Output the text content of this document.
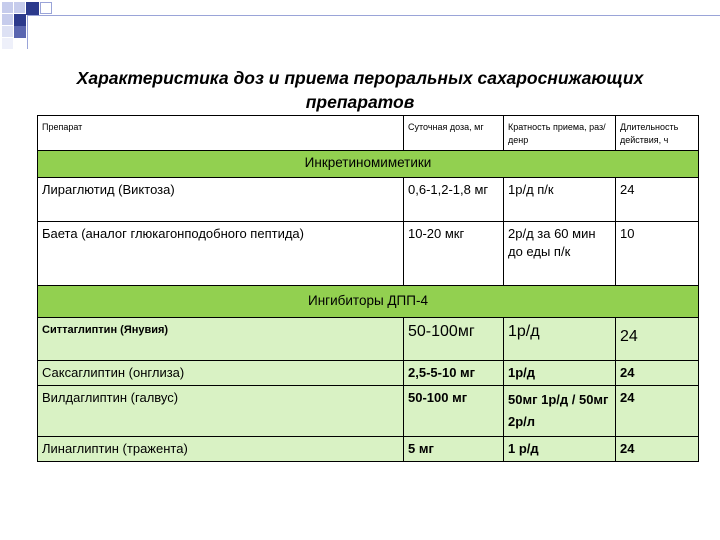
Характеристика доз и приема пероральных сахароснижающих препаратов
Препарат	Суточная доза, мг	Кратность приема, раз/денр	Длительность действия, ч
Инкретиномиметики			
Лираглютид (Виктоза)	0,6-1,2-1,8 мг	1р/д п/к	24
Баета (аналог глюкагонподобного пептида)	10-20 мкг	2р/д за 60 мин до еды п/к	10
Ингибиторы ДПП-4			
Ситтаглиптин (Янувия)	50-100мг	1р/д	24
Саксаглиптин (онглиза)	2,5-5-10 мг	1р/д	24
Вилдаглиптин (галвус)	50-100 мг	50мг 1р/д / 50мг 2р/л	24
Линаглиптин (тражента)	5 мг	1 р/д	24
